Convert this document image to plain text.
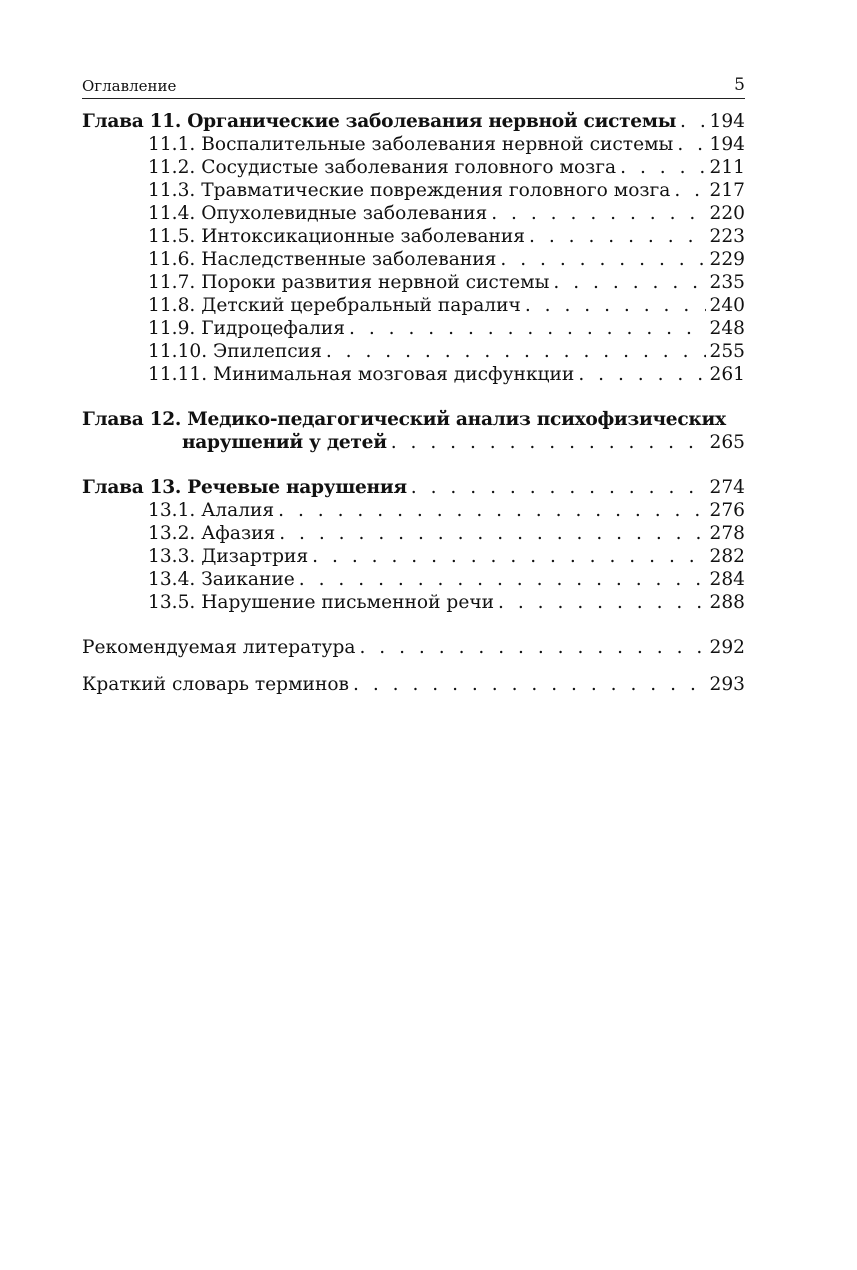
Оглавление	5
Глава 11. Органические заболевания нервной системы . . . 194
11.1. Воспалительные заболевания нервной системы . . . 194
11.2. Сосудистые заболевания головного мозга . . .	211
11.3. Травматические повреждения головного мозга . . . 217
11.4. Опухолевидные заболевания . . .	220
11.5. Интоксикационные заболевания . . .	223
11.6. Наследственные заболевания . . .	229
11.7. Пороки развития нервной системы . . .	235
11.8. Детский церебральный паралич . . .	240
11.9. Гидроцефалия . . .	248
11.10. Эпилепсия . . .	255
11.11. Минимальная мозговая дисфункции . . .	261
Глава 12. Медико-педагогический анализ психофизических
нарушений у детей . . .	265
Глава 13. Речевые нарушения . . .	274
13.1. Алалия . . .	276
13.2. Афазия . . .	278
13.3. Дизартрия . . .	282
13.4. Заикание . . .	284
13.5. Нарушение письменной речи . . .	288
Рекомендуемая литература . . .	292
Краткий словарь терминов . . .	293
